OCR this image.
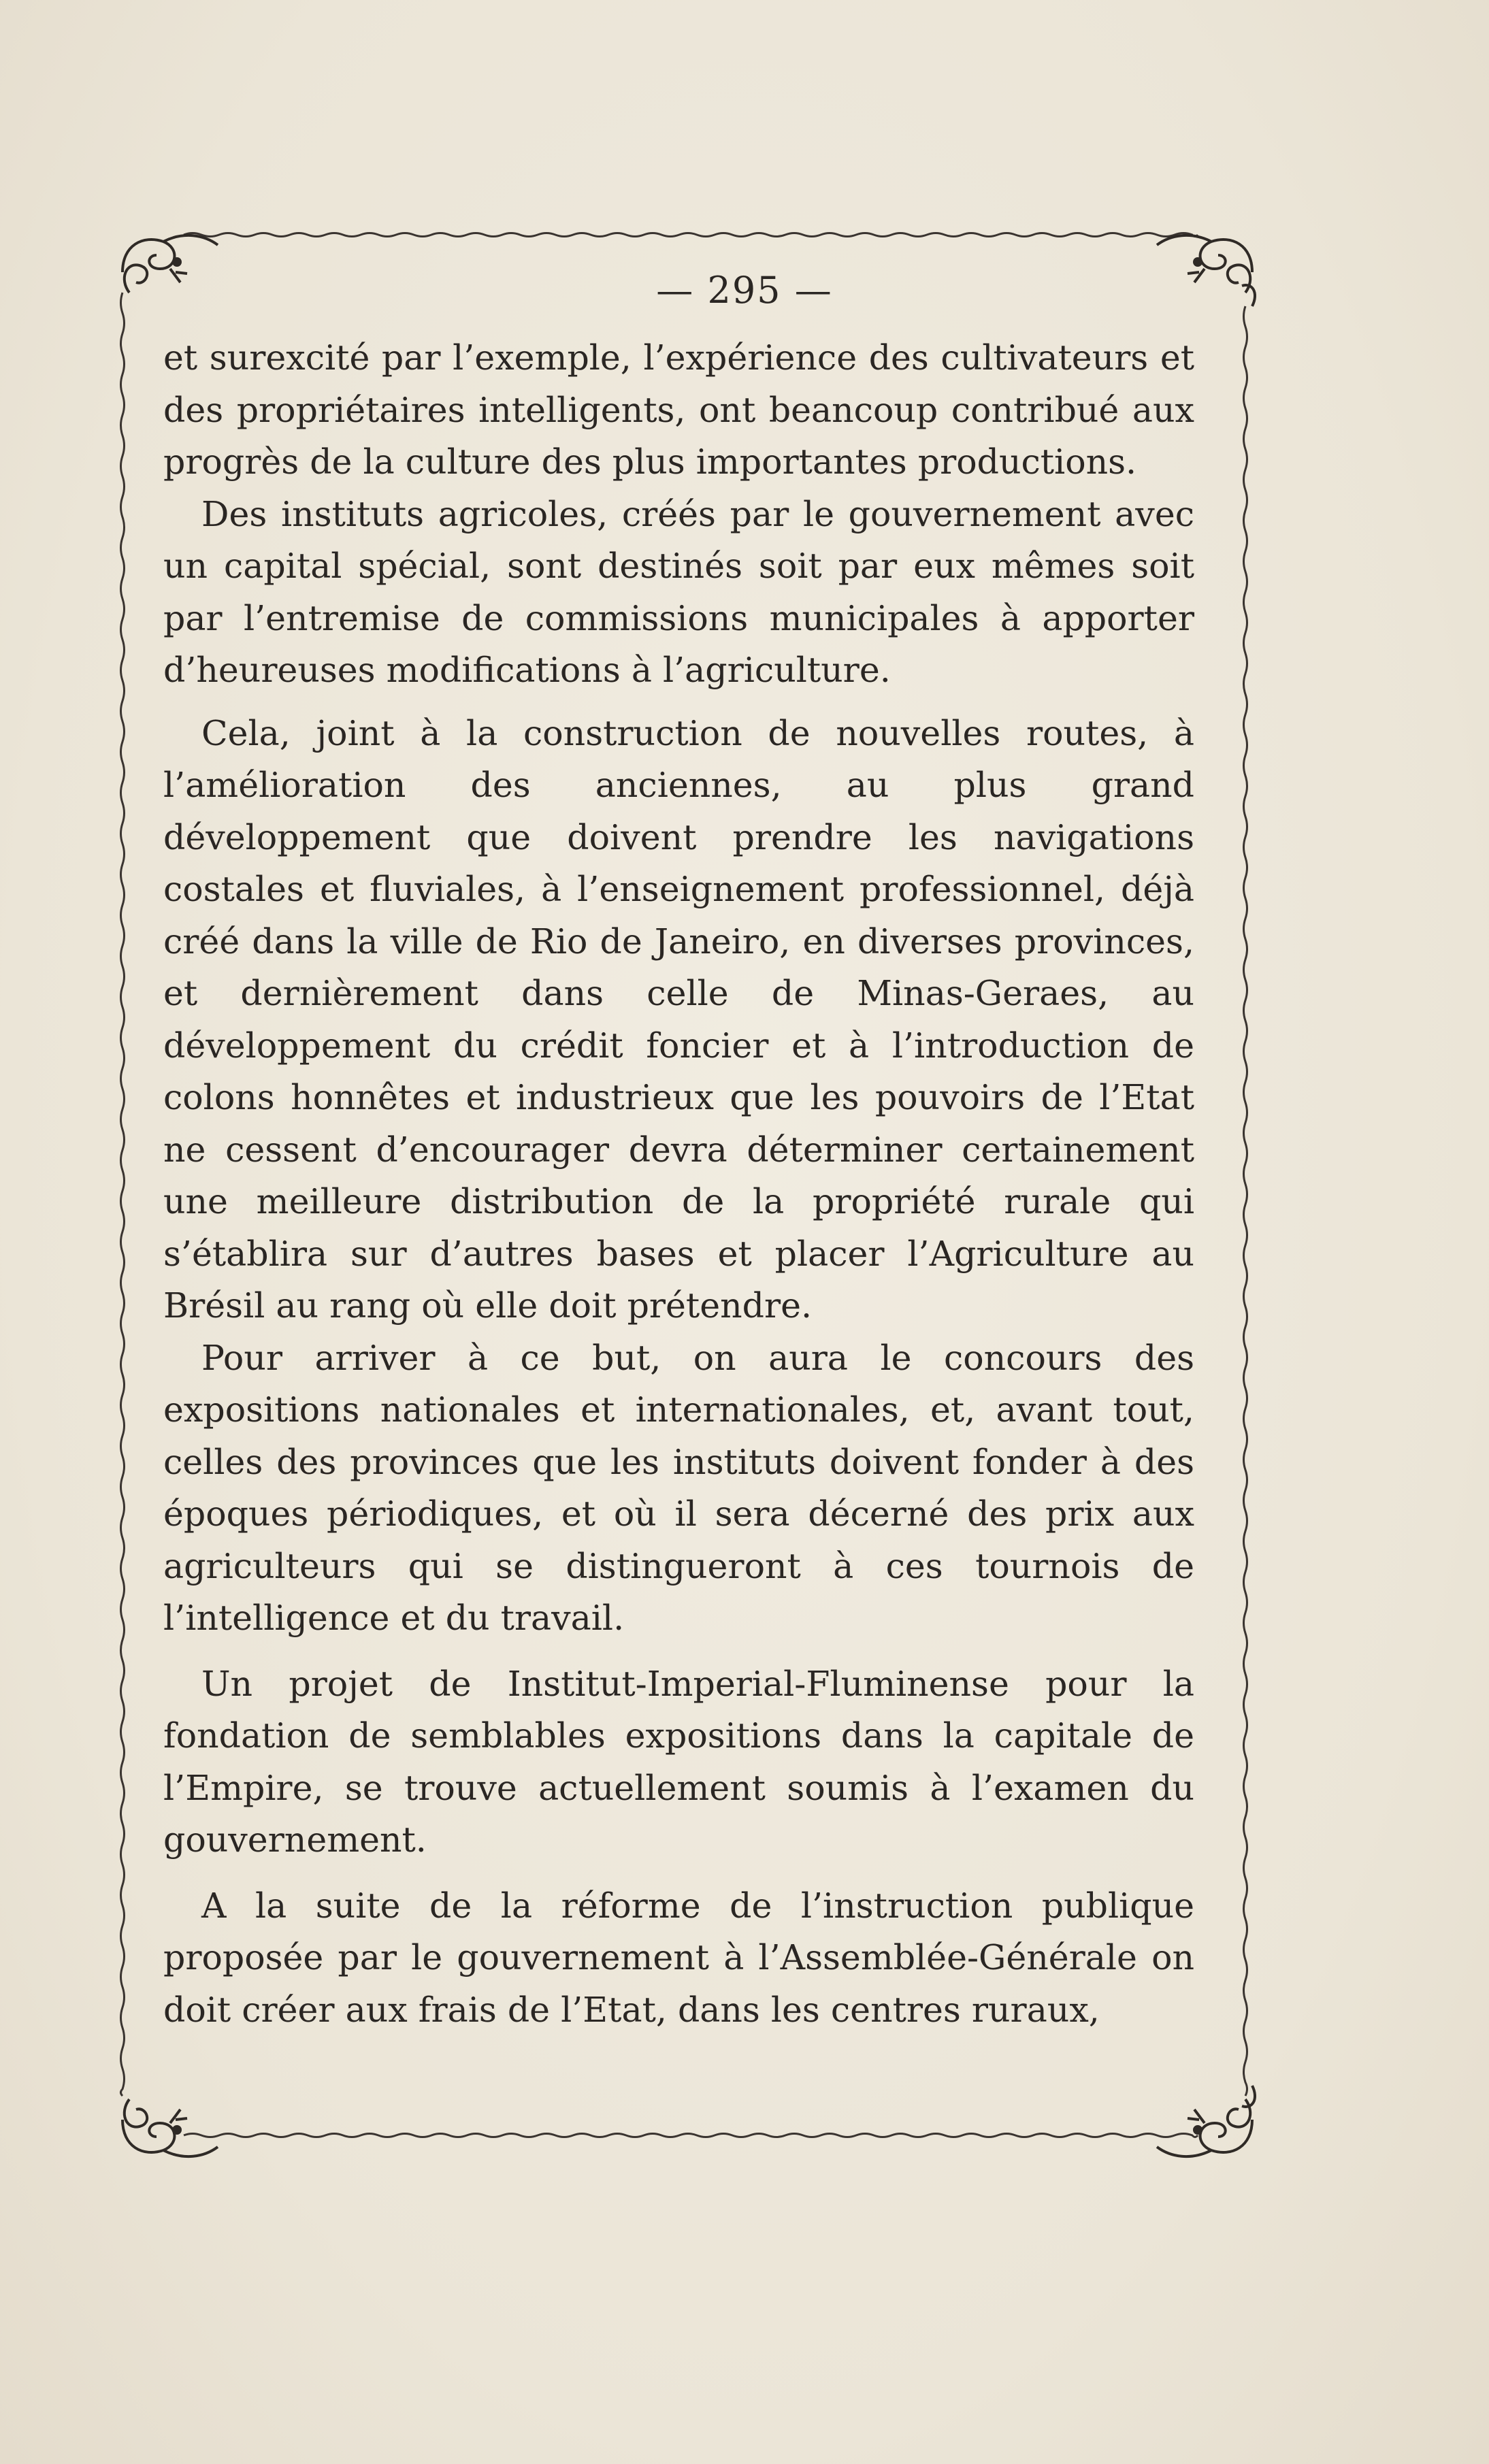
— 295 —

et surexcité par l’exemple, l’expérience des cultivateurs et des propriétaires intelligents, ont beancoup contribué aux progrès de la culture des plus importantes productions.

Des instituts agricoles, créés par le gouvernement avec un capital spécial, sont destinés soit par eux mêmes soit par l’entremise de commissions municipales à apporter d’heureuses modifications à l’agriculture.

Cela, joint à la construction de nouvelles routes, à l’amélioration des anciennes, au plus grand développement que doivent prendre les navigations costales et fluviales, à l’enseignement professionnel, déjà créé dans la ville de Rio de Janeiro, en diverses provinces, et dernièrement dans celle de Minas-Geraes, au développement du crédit foncier et à l’introduction de colons honnêtes et industrieux que les pouvoirs de l’Etat ne cessent d’encourager devra déterminer certainement une meilleure distribution de la propriété rurale qui s’établira sur d’autres bases et placer l’Agriculture au Brésil au rang où elle doit prétendre.

Pour arriver à ce but, on aura le concours des expositions nationales et internationales, et, avant tout, celles des provinces que les instituts doivent fonder à des époques périodiques, et où il sera décerné des prix aux agriculteurs qui se distingueront à ces tournois de l’intelligence et du travail.

Un projet de Institut-Imperial-Fluminense pour la fondation de semblables expositions dans la capitale de l’Empire, se trouve actuellement soumis à l’examen du gouvernement.

A la suite de la réforme de l’instruction publique proposée par le gouvernement à l’Assemblée-Générale on doit créer aux frais de l’Etat, dans les centres ruraux,
